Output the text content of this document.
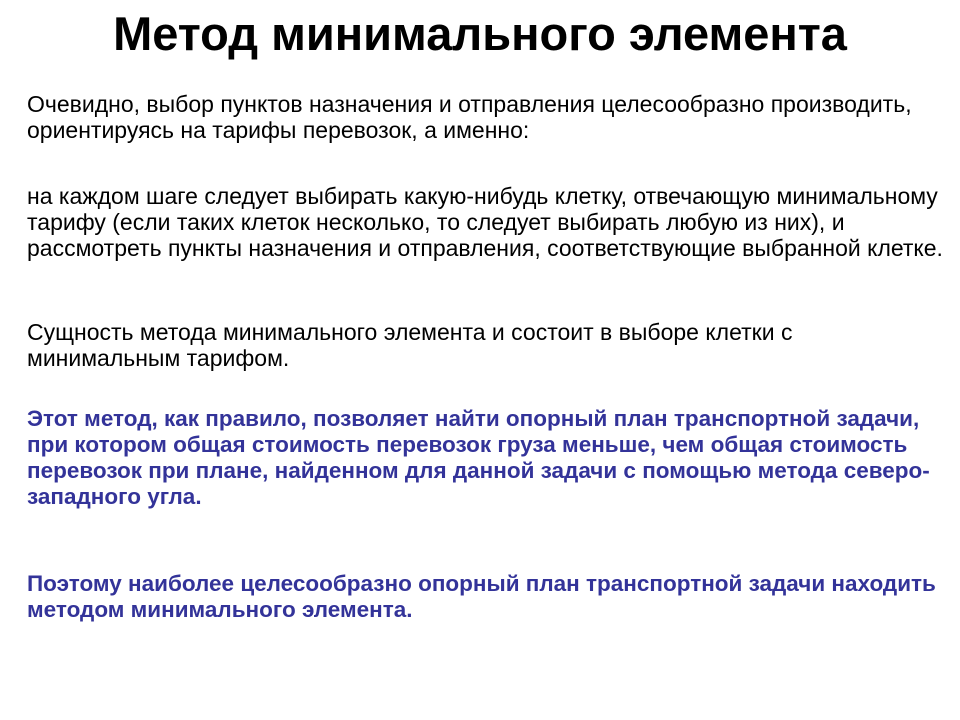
Метод минимального элемента

Очевидно, выбор пунктов назначения и отправления целесообразно производить, ориентируясь на тарифы перевозок, а именно:

на каждом шаге следует выбирать какую-нибудь клетку, отвечающую минимальному тарифу (если таких клеток несколько, то следует выбирать любую из них), и рассмотреть пункты назначения и отправления, соответствующие выбранной клетке.

Сущность метода минимального элемента и состоит в выборе клетки с минимальным тарифом.

Этот метод, как правило, позволяет найти опорный план транспортной задачи, при котором общая стоимость перевозок груза меньше, чем общая стоимость перевозок при плане, найденном для данной задачи с помощью метода северо-западного угла.

Поэтому наиболее целесообразно опорный план транспортной задачи находить методом минимального элемента.
